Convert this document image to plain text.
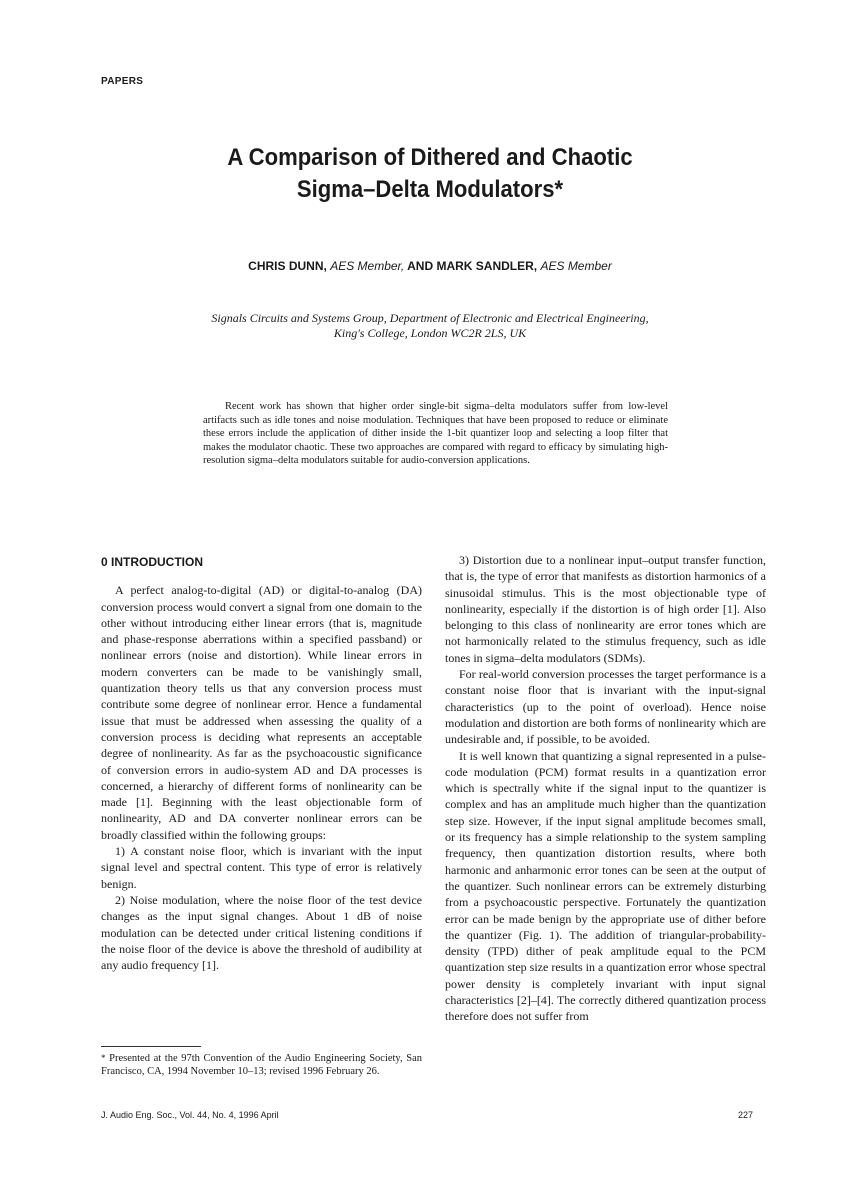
PAPERS
A Comparison of Dithered and Chaotic
Sigma–Delta Modulators*
CHRIS DUNN, AES Member, AND MARK SANDLER, AES Member
Signals Circuits and Systems Group, Department of Electronic and Electrical Engineering,
King's College, London WC2R 2LS, UK
Recent work has shown that higher order single-bit sigma–delta modulators suffer from low-level artifacts such as idle tones and noise modulation. Techniques that have been proposed to reduce or eliminate these errors include the application of dither inside the 1-bit quantizer loop and selecting a loop filter that makes the modulator chaotic. These two approaches are compared with regard to efficacy by simulating high-resolution sigma–delta modulators suitable for audio-conversion applications.
0 INTRODUCTION

A perfect analog-to-digital (AD) or digital-to-analog (DA) conversion process would convert a signal from one domain to the other without introducing either linear errors (that is, magnitude and phase-response aberrations within a specified passband) or nonlinear errors (noise and distortion). While linear errors in modern converters can be made to be vanishingly small, quantization theory tells us that any conversion process must contribute some degree of nonlinear error. Hence a fundamental issue that must be addressed when assessing the quality of a conversion process is deciding what represents an acceptable degree of nonlinearity. As far as the psychoacoustic significance of conversion errors in audio-system AD and DA processes is concerned, a hierarchy of different forms of nonlinearity can be made [1]. Beginning with the least objectionable form of nonlinearity, AD and DA converter nonlinear errors can be broadly classified within the following groups:

1) A constant noise floor, which is invariant with the input signal level and spectral content. This type of error is relatively benign.

2) Noise modulation, where the noise floor of the test device changes as the input signal changes. About 1 dB of noise modulation can be detected under critical listening conditions if the noise floor of the device is above the threshold of audibility at any audio frequency [1].

3) Distortion due to a nonlinear input–output transfer function, that is, the type of error that manifests as distortion harmonics of a sinusoidal stimulus. This is the most objectionable type of nonlinearity, especially if the distortion is of high order [1]. Also belonging to this class of nonlinearity are error tones which are not harmonically related to the stimulus frequency, such as idle tones in sigma–delta modulators (SDMs).

For real-world conversion processes the target performance is a constant noise floor that is invariant with the input-signal characteristics (up to the point of overload). Hence noise modulation and distortion are both forms of nonlinearity which are undesirable and, if possible, to be avoided.

It is well known that quantizing a signal represented in a pulse-code modulation (PCM) format results in a quantization error which is spectrally white if the signal input to the quantizer is complex and has an amplitude much higher than the quantization step size. However, if the input signal amplitude becomes small, or its frequency has a simple relationship to the system sampling frequency, then quantization distortion results, where both harmonic and anharmonic error tones can be seen at the output of the quantizer. Such nonlinear errors can be extremely disturbing from a psychoacoustic perspective. Fortunately the quantization error can be made benign by the appropriate use of dither before the quantizer (Fig. 1). The addition of triangular-probability-density (TPD) dither of peak amplitude equal to the PCM quantization step size results in a quantization error whose spectral power density is completely invariant with input signal characteristics [2]–[4]. The correctly dithered quantization process therefore does not suffer from

* Presented at the 97th Convention of the Audio Engineering Society, San Francisco, CA, 1994 November 10–13; revised 1996 February 26.
J. Audio Eng. Soc., Vol. 44, No. 4, 1996 April	227
